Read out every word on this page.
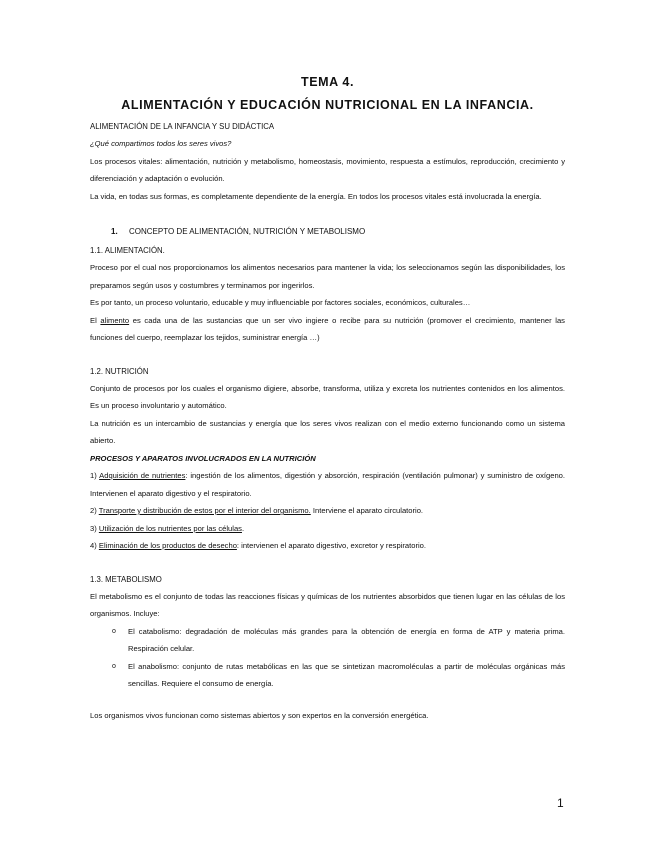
TEMA 4.

ALIMENTACIÓN Y EDUCACIÓN NUTRICIONAL EN LA INFANCIA.

ALIMENTACIÓN DE LA INFANCIA Y SU DIDÁCTICA

¿Qué compartimos todos los seres vivos?

Los procesos vitales: alimentación, nutrición y metabolismo, homeostasis, movimiento, respuesta a estímulos, reproducción, crecimiento y diferenciación y adaptación o evolución.

La vida, en todas sus formas, es completamente dependiente de la energía. En todos los procesos vitales está involucrada la energía.

1. CONCEPTO DE ALIMENTACIÓN, NUTRICIÓN Y METABOLISMO

1.1. ALIMENTACIÓN.

Proceso por el cual nos proporcionamos los alimentos necesarios para mantener la vida; los seleccionamos según las disponibilidades, los preparamos según usos y costumbres y terminamos por ingerirlos.

Es por tanto, un proceso voluntario, educable y muy influenciable por factores sociales, económicos, culturales…

El alimento es cada una de las sustancias que un ser vivo ingiere o recibe para su nutrición (promover el crecimiento, mantener las funciones del cuerpo, reemplazar los tejidos, suministrar energía …)

1.2. NUTRICIÓN

Conjunto de procesos por los cuales el organismo digiere, absorbe, transforma, utiliza y excreta los nutrientes contenidos en los alimentos. Es un proceso involuntario y automático.

La nutrición es un intercambio de sustancias y energía que los seres vivos realizan con el medio externo funcionando como un sistema abierto.

PROCESOS Y APARATOS INVOLUCRADOS EN LA NUTRICIÓN

1) Adquisición de nutrientes: ingestión de los alimentos, digestión y absorción, respiración (ventilación pulmonar) y suministro de oxígeno. Intervienen el aparato digestivo y el respiratorio.

2) Transporte y distribución de estos por el interior del organismo. Interviene el aparato circulatorio.

3) Utilización de los nutrientes por las células.

4) Eliminación de los productos de desecho: intervienen el aparato digestivo, excretor y respiratorio.

1.3. METABOLISMO

El metabolismo es el conjunto de todas las reacciones físicas y químicas de los nutrientes absorbidos que tienen lugar en las células de los organismos. Incluye:

o El catabolismo: degradación de moléculas más grandes para la obtención de energía en forma de ATP y materia prima. Respiración celular.
o El anabolismo: conjunto de rutas metabólicas en las que se sintetizan macromoléculas a partir de moléculas orgánicas más sencillas. Requiere el consumo de energía.

Los organismos vivos funcionan como sistemas abiertos y son expertos en la conversión energética.

1
